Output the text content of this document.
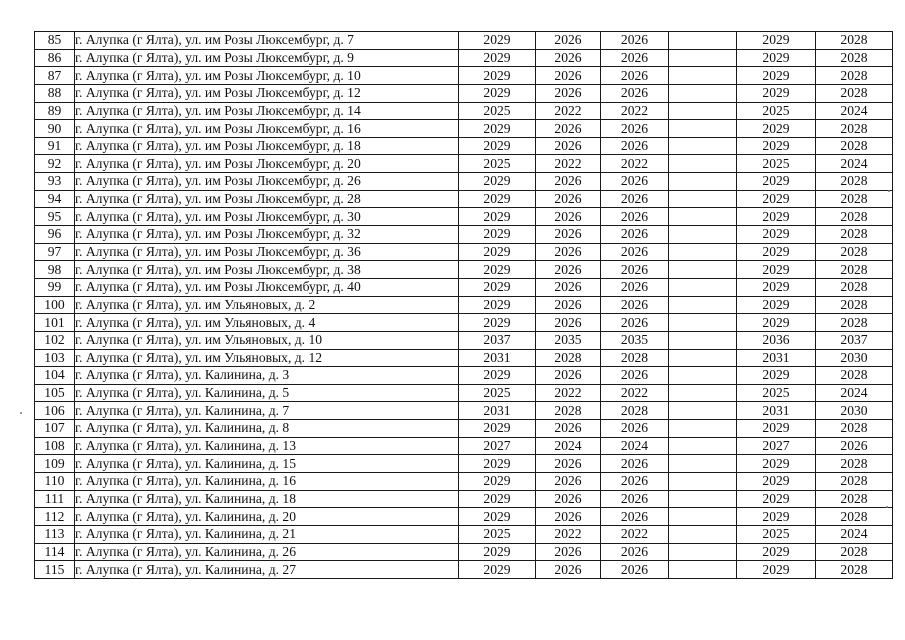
85	г. Алупка (г Ялта), ул. им Розы Люксембург, д. 7	2029	2026	2026		2029	2028
86	г. Алупка (г Ялта), ул. им Розы Люксембург, д. 9	2029	2026	2026		2029	2028
87	г. Алупка (г Ялта), ул. им Розы Люксембург, д. 10	2029	2026	2026		2029	2028
88	г. Алупка (г Ялта), ул. им Розы Люксембург, д. 12	2029	2026	2026		2029	2028
89	г. Алупка (г Ялта), ул. им Розы Люксембург, д. 14	2025	2022	2022		2025	2024
90	г. Алупка (г Ялта), ул. им Розы Люксембург, д. 16	2029	2026	2026		2029	2028
91	г. Алупка (г Ялта), ул. им Розы Люксембург, д. 18	2029	2026	2026		2029	2028
92	г. Алупка (г Ялта), ул. им Розы Люксембург, д. 20	2025	2022	2022		2025	2024
93	г. Алупка (г Ялта), ул. им Розы Люксембург, д. 26	2029	2026	2026		2029	2028
94	г. Алупка (г Ялта), ул. им Розы Люксембург, д. 28	2029	2026	2026		2029	2028
95	г. Алупка (г Ялта), ул. им Розы Люксембург, д. 30	2029	2026	2026		2029	2028
96	г. Алупка (г Ялта), ул. им Розы Люксембург, д. 32	2029	2026	2026		2029	2028
97	г. Алупка (г Ялта), ул. им Розы Люксембург, д. 36	2029	2026	2026		2029	2028
98	г. Алупка (г Ялта), ул. им Розы Люксембург, д. 38	2029	2026	2026		2029	2028
99	г. Алупка (г Ялта), ул. им Розы Люксембург, д. 40	2029	2026	2026		2029	2028
100	г. Алупка (г Ялта), ул. им Ульяновых, д. 2	2029	2026	2026		2029	2028
101	г. Алупка (г Ялта), ул. им Ульяновых, д. 4	2029	2026	2026		2029	2028
102	г. Алупка (г Ялта), ул. им Ульяновых, д. 10	2037	2035	2035		2036	2037
103	г. Алупка (г Ялта), ул. им Ульяновых, д. 12	2031	2028	2028		2031	2030
104	г. Алупка (г Ялта), ул. Калинина, д. 3	2029	2026	2026		2029	2028
105	г. Алупка (г Ялта), ул. Калинина, д. 5	2025	2022	2022		2025	2024
106	г. Алупка (г Ялта), ул. Калинина, д. 7	2031	2028	2028		2031	2030
107	г. Алупка (г Ялта), ул. Калинина, д. 8	2029	2026	2026		2029	2028
108	г. Алупка (г Ялта), ул. Калинина, д. 13	2027	2024	2024		2027	2026
109	г. Алупка (г Ялта), ул. Калинина, д. 15	2029	2026	2026		2029	2028
110	г. Алупка (г Ялта), ул. Калинина, д. 16	2029	2026	2026		2029	2028
111	г. Алупка (г Ялта), ул. Калинина, д. 18	2029	2026	2026		2029	2028
112	г. Алупка (г Ялта), ул. Калинина, д. 20	2029	2026	2026		2029	2028
113	г. Алупка (г Ялта), ул. Калинина, д. 21	2025	2022	2022		2025	2024
114	г. Алупка (г Ялта), ул. Калинина, д. 26	2029	2026	2026		2029	2028
115	г. Алупка (г Ялта), ул. Калинина, д. 27	2029	2026	2026		2029	2028
